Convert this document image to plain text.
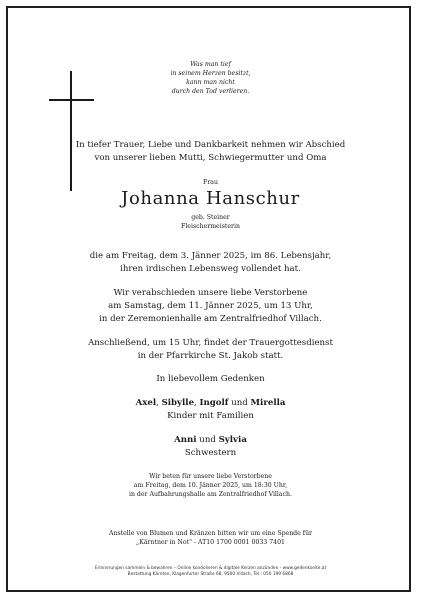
Was man tief
in seinem Herzen besitzt,
kann man nicht
durch den Tod verlieren.
In tiefer Trauer, Liebe und Dankbarkeit nehmen wir Abschied
von unserer lieben Mutti, Schwiegermutter und Oma
Frau
Johanna Hanschur
geb. Steiner
Fleischermeisterin
die am Freitag, dem 3. Jänner 2025, im 86. Lebensjahr,
ihren irdischen Lebensweg vollendet hat.
Wir verabschieden unsere liebe Verstorbene
am Samstag, dem 11. Jänner 2025, um 13 Uhr,
in der Zeremonienhalle am Zentralfriedhof Villach.
Anschließend, um 15 Uhr, findet der Trauergottesdienst
in der Pfarrkirche St. Jakob statt.
In liebevollem Gedenken
Axel, Sibylle, Ingolf und Mirella
Kinder mit Familien
Anni und Sylvia
Schwestern
Wir beten für unsere liebe Verstorbene
am Freitag, dem 10. Jänner 2025, um 18:30 Uhr,
in der Aufbahrungshalle am Zentralfriedhof Villach.
Anstelle von Blumen und Kränzen bitten wir um eine Spende für
„Kärntner in Not" - AT10 1700 0001 0033 7401
Erinnerungen sammeln & bewahren – Online kondolieren & digitale Kerzen anzünden - www.gedenkseite.at
Bestattung Kärnten, Klagenfurter Straße 68, 9500 Villach, Tel.: 050 199 6868
